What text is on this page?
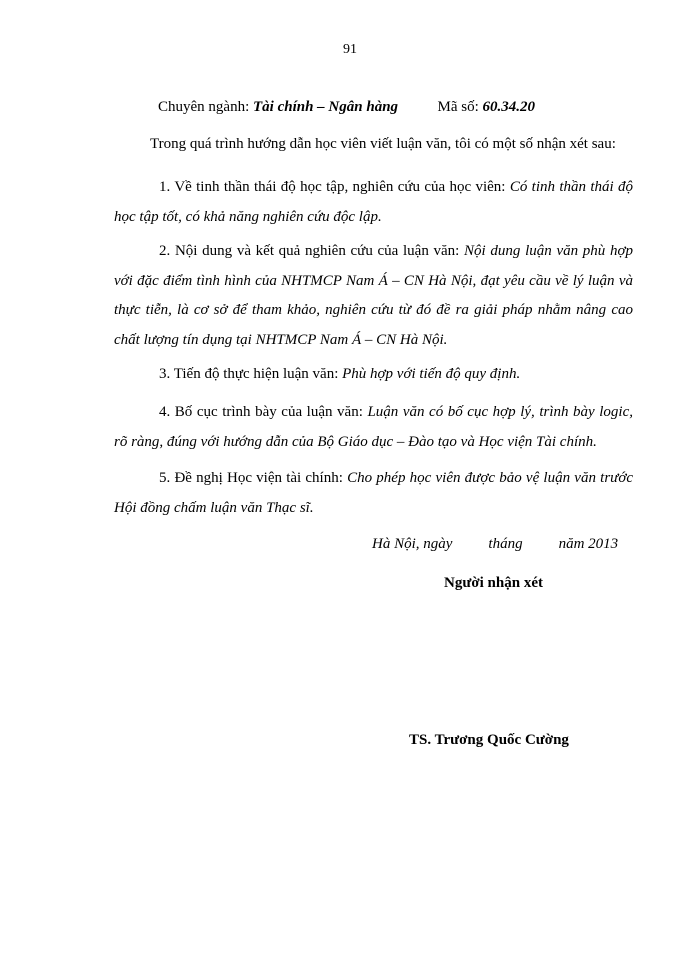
91
Chuyên ngành: Tài chính – Ngân hàng	Mã số: 60.34.20
Trong quá trình hướng dẫn học viên viết luận văn, tôi có một số nhận xét sau:
1. Về tinh thần thái độ học tập, nghiên cứu của học viên: Có tinh thần thái độ học tập tốt, có khả năng nghiên cứu độc lập.
2. Nội dung và kết quả nghiên cứu của luận văn: Nội dung luận văn phù hợp với đặc điểm tình hình của NHTMCP Nam Á – CN Hà Nội, đạt yêu cầu về lý luận và thực tiễn, là cơ sở để tham khảo, nghiên cứu từ đó đề ra giải pháp nhằm nâng cao chất lượng tín dụng tại NHTMCP Nam Á – CN Hà Nội.
3. Tiến độ thực hiện luận văn: Phù hợp với tiến độ quy định.
4. Bố cục trình bày của luận văn: Luận văn có bố cục hợp lý, trình bày logic, rõ ràng, đúng với hướng dẫn của Bộ Giáo dục – Đào tạo và Học viện Tài chính.
5. Đề nghị Học viện tài chính: Cho phép học viên được bảo vệ luận văn trước Hội đồng chấm luận văn Thạc sĩ.
Hà Nội, ngày tháng năm 2013
Người nhận xét
TS. Trương Quốc Cường
